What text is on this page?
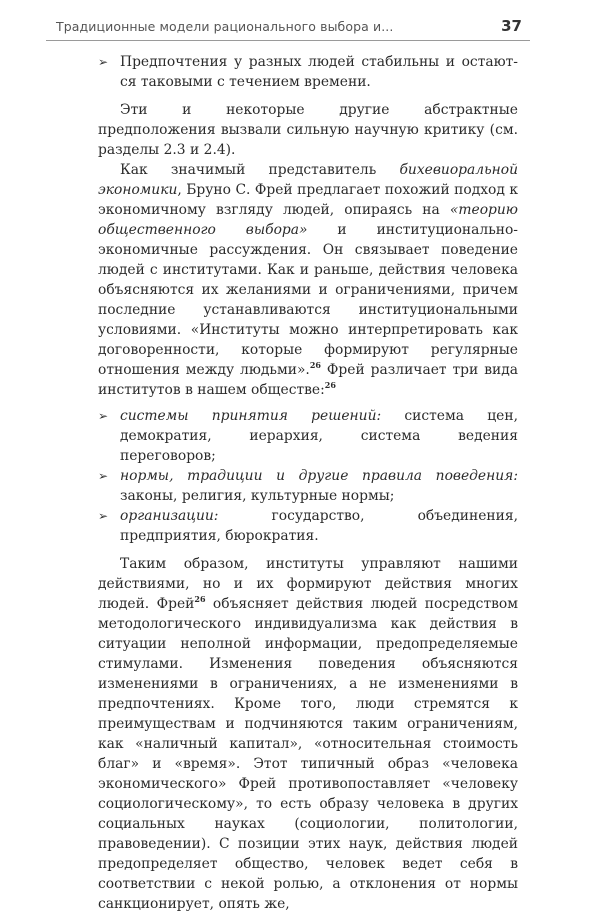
Традиционные модели рационального выбора и...	37

➢ Предпочтения у разных людей стабильны и остают-ся таковыми с течением времени.

Эти и некоторые другие абстрактные предположения вызвали сильную научную критику (см. разделы 2.3 и 2.4).

Как значимый представитель бихевиоральной экономики, Бруно С. Фрей предлагает похожий подход к экономичному взгляду людей, опираясь на «теорию общественного выбора» и институционально-экономичные рассуждения. Он связывает поведение людей с институтами. Как и раньше, действия человека объясняются их желаниями и ограничениями, причем последние устанавливаются институциональными условиями. «Институты можно интерпретировать как договоренности, которые формируют регулярные отношения между людьми».$^{26}$ Фрей различает три вида институтов в нашем обществе:$^{26}$

➢ системы принятия решений: система цен, демократия, иерархия, система ведения переговоров;

➢ нормы, традиции и другие правила поведения: законы, религия, культурные нормы;

➢ организации: государство, объединения, предприятия, бюрократия.

Таким образом, институты управляют нашими действиями, но и их формируют действия многих людей. Фрей$^{26}$ объясняет действия людей посредством методологического индивидуализма как действия в ситуации неполной информации, предопределяемые стимулами. Изменения поведения объясняются изменениями в ограничениях, а не изменениями в предпочтениях. Кроме того, люди стремятся к преимуществам и подчиняются таким ограничениям, как «наличный капитал», «относительная стоимость благ» и «время». Этот типичный образ «человека экономического» Фрей противопоставляет «человеку социологическому», то есть образу человека в других социальных науках (социологии, политологии, правоведении). С позиции этих наук, действия людей предопределяет общество, человек ведет себя в соответствии с некой ролью, а отклонения от нормы санкционирует, опять же,
